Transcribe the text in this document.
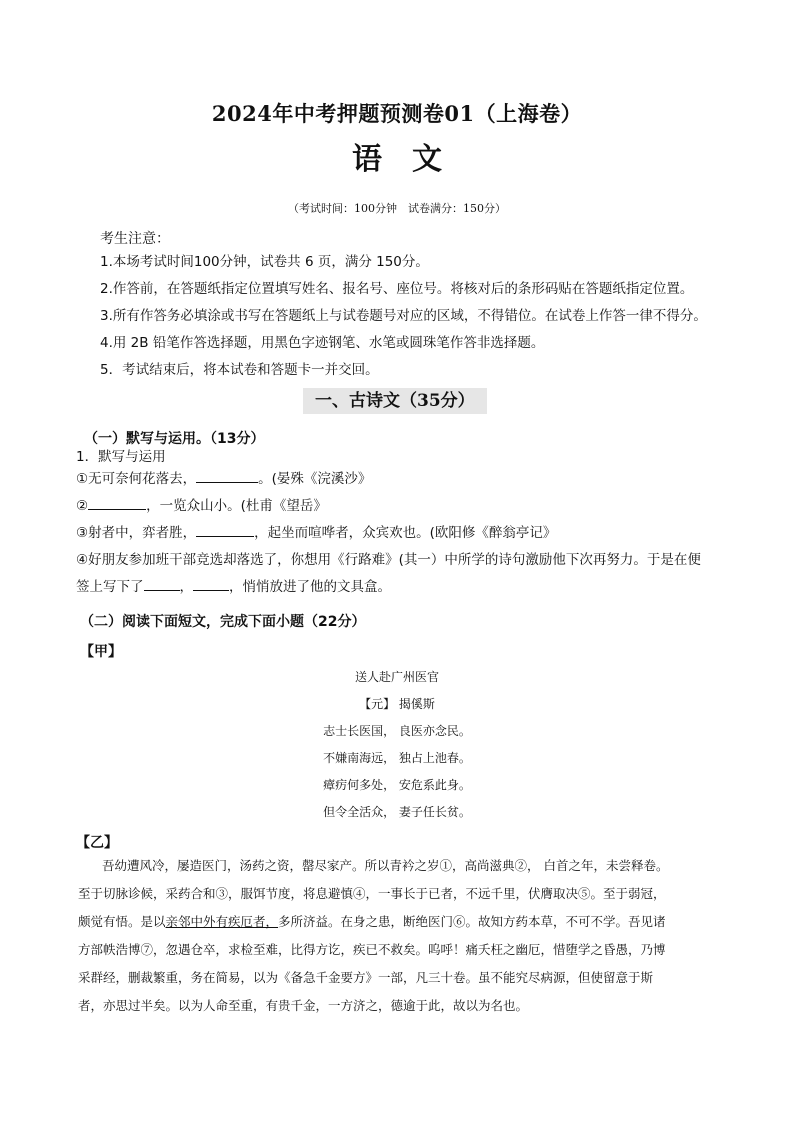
2024年中考押题预测卷01（上海卷）
语文
（考试时间：100分钟　试卷满分：150分）
考生注意：
1.本场考试时间100分钟，试卷共 6 页，满分 150分。
2.作答前，在答题纸指定位置填写姓名、报名号、座位号。将核对后的条形码贴在答题纸指定位置。
3.所有作答务必填涂或书写在答题纸上与试卷题号对应的区域，不得错位。在试卷上作答一律不得分。
4.用 2B 铅笔作答选择题，用黑色字迹钢笔、水笔或圆珠笔作答非选择题。
5．考试结束后，将本试卷和答题卡一并交回。
一、古诗文（35分）
（一）默写与运用。（13分）
1．默写与运用
①无可奈何花落去，	。(晏殊《浣溪沙》
②	，一览众山小。(杜甫《望岳》
③射者中，弈者胜，	，起坐而喧哗者，众宾欢也。(欧阳修《醉翁亭记》
④好朋友参加班干部竞选却落选了，你想用《行路难》(其一）中所学的诗句激励他下次再努力。于是在便
签上写下了	，	，悄悄放进了他的文具盒。
（二）阅读下面短文，完成下面小题（22分）
【甲】
送人赴广州医官
【元】 揭傒斯
志士长医国， 良医亦念民。
不嫌南海远， 独占上池春。
瘴疠何多处， 安危系此身。
但令全活众， 妻子任长贫。
【乙】
吾幼遭风冷，屡造医门，汤药之资，罄尽家产。所以青衿之岁①，高尚滋典②， 白首之年，未尝释卷。
至于切脉诊候，采药合和③，服饵节度，将息避慎④，一事长于已者，不远千里，伏膺取决⑤。至于弱冠，
颇觉有悟。是以亲邻中外有疾厄者，多所济益。在身之患，断绝医门⑥。故知方药本草，不可不学。吾见诸
方部帙浩博⑦，忽遇仓卒，求检至难，比得方讫，疾已不救矣。呜呼！痛夭枉之幽厄，惜堕学之昏愚，乃博
采群经，删裁繁重，务在简易，以为《备急千金要方》一部，凡三十卷。虽不能究尽病源，但使留意于斯
者，亦思过半矣。以为人命至重，有贵千金，一方济之，德逾于此，故以为名也。
